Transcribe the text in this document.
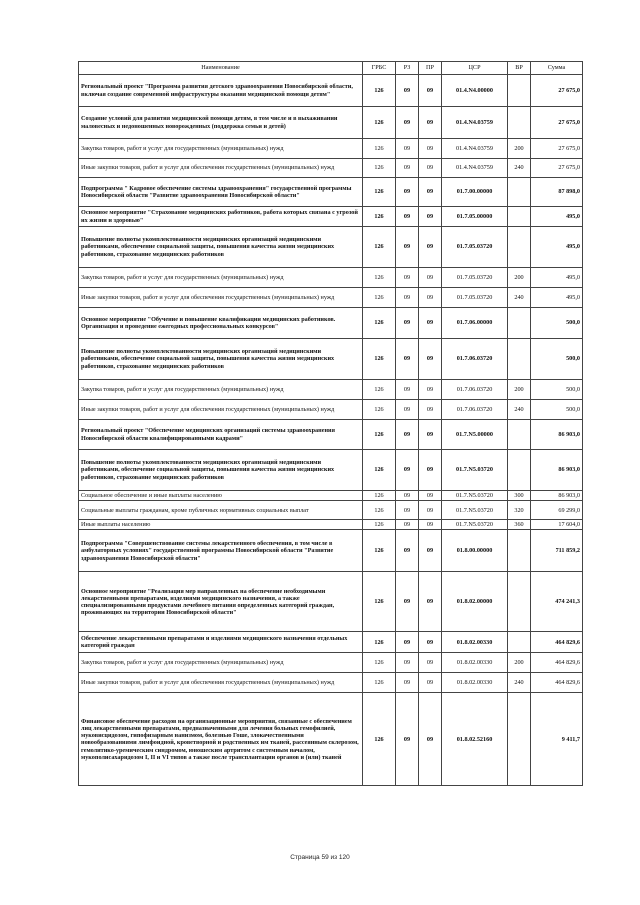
Наименование	ГРБС	РЗ	ПР	ЦСР	ВР	Сумма
Региональный проект "Программа развития детского здравоохранения Новосибирской области, включая создание современной инфраструктуры оказания медицинской помощи детям"	126	09	09	01.4.N4.00000		27 675,0
Создание условий для развития медицинской помощи детям, в том числе и в выхаживании маловесных и недоношенных новорожденных (поддержка семьи и детей)	126	09	09	01.4.N4.03759		27 675,0
Закупка товаров, работ и услуг для государственных (муниципальных) нужд	126	09	09	01.4.N4.03759	200	27 675,0
Иные закупки товаров, работ и услуг для обеспечения государственных (муниципальных) нужд	126	09	09	01.4.N4.03759	240	27 675,0
Подпрограмма " Кадровое обеспечение системы здравоохранения" государственной программы Новосибирской области "Развитие здравоохранения Новосибирской области"	126	09	09	01.7.00.00000		87 898,0
Основное мероприятие "Страхование медицинских работников, работа которых связана с угрозой их жизни и здоровью"	126	09	09	01.7.05.00000		495,0
Повышение полноты укомплектованности медицинских организаций медицинскими работниками, обеспечение социальной защиты, повышения качества жизни медицинских работников, страхование медицинских работников	126	09	09	01.7.05.03720		495,0
Закупка товаров, работ и услуг для государственных (муниципальных) нужд	126	09	09	01.7.05.03720	200	495,0
Иные закупки товаров, работ и услуг для обеспечения государственных (муниципальных) нужд	126	09	09	01.7.05.03720	240	495,0
Основное мероприятие "Обучение и повышение квалификации медицинских работников. Организация и проведение ежегодных профессиональных конкурсов"	126	09	09	01.7.06.00000		500,0
Повышение полноты укомплектованности медицинских организаций медицинскими работниками, обеспечение социальной защиты, повышения качества жизни медицинских работников, страхование медицинских работников	126	09	09	01.7.06.03720		500,0
Закупка товаров, работ и услуг для государственных (муниципальных) нужд	126	09	09	01.7.06.03720	200	500,0
Иные закупки товаров, работ и услуг для обеспечения государственных (муниципальных) нужд	126	09	09	01.7.06.03720	240	500,0
Региональный проект "Обеспечение медицинских организаций системы здравоохранения Новосибирской области квалифицированными кадрами"	126	09	09	01.7.N5.00000		86 903,0
Повышение полноты укомплектованности медицинских организаций медицинскими работниками, обеспечение социальной защиты, повышения качества жизни медицинских работников, страхование медицинских работников	126	09	09	01.7.N5.03720		86 903,0
Социальное обеспечение и иные выплаты населению	126	09	09	01.7.N5.03720	300	86 903,0
Социальные выплаты гражданам, кроме публичных нормативных социальных выплат	126	09	09	01.7.N5.03720	320	69 299,0
Иные выплаты населению	126	09	09	01.7.N5.03720	360	17 604,0
Подпрограмма "Совершенствование системы лекарственного обеспечения, в том числе в амбулаторных условиях" государственной программы Новосибирской области "Развитие здравоохранения Новосибирской области"	126	09	09	01.8.00.00000		711 859,2
Основное мероприятие "Реализация мер направленных на обеспечение необходимыми лекарственными препаратами, изделиями медицинского назначения, а также специализированными продуктами лечебного питания определенных категорий граждан, проживающих на территории Новосибирской области"	126	09	09	01.8.02.00000		474 241,3
Обеспечение лекарственными препаратами и изделиями медицинского назначения отдельных категорий граждан	126	09	09	01.8.02.00330		464 829,6
Закупка товаров, работ и услуг для государственных (муниципальных) нужд	126	09	09	01.8.02.00330	200	464 829,6
Иные закупки товаров, работ и услуг для обеспечения государственных (муниципальных) нужд	126	09	09	01.8.02.00330	240	464 829,6
Финансовое обеспечение расходов на организационные мероприятия, связанные с обеспечением лиц лекарственными препаратами, предназначенными для лечения больных гемофилией, муковисцидозом, гипофизарным нанизмом, болезнью Гоше, злокачественными новообразованиями лимфоидной, кроветворной и родственных им тканей, рассеянным склерозом, гемолитико-уремическим синдромом, юношеским артритом с системным началом, мукополисахаридозом I, II и VI типов а также после трансплантации органов и (или) тканей	126	09	09	01.8.02.52160		9 411,7
Страница 59 из 120
